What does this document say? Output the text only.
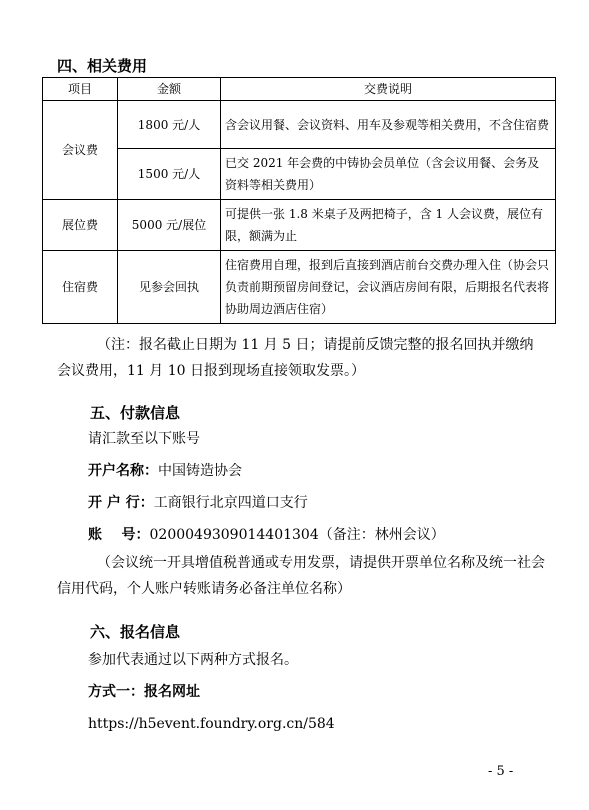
四、相关费用
项目	金额	交费说明
会议费	1800 元/人	含会议用餐、会议资料、用车及参观等相关费用，不含住宿费
	1500 元/人	已交 2021 年会费的中铸协会员单位（含会议用餐、会务及资料等相关费用）
展位费	5000 元/展位	可提供一张 1.8 米桌子及两把椅子，含 1 人会议费，展位有限，额满为止
住宿费	见参会回执	住宿费用自理，报到后直接到酒店前台交费办理入住（协会只负责前期预留房间登记，会议酒店房间有限，后期报名代表将协助周边酒店住宿）
（注：报名截止日期为 11 月 5 日；请提前反馈完整的报名回执并缴纳会议费用，11 月 10 日报到现场直接领取发票。）
五、付款信息
请汇款至以下账号
开户名称：中国铸造协会
开 户 行：工商银行北京四道口支行
账    号：0200049309014401304（备注：林州会议）
（会议统一开具增值税普通或专用发票，请提供开票单位名称及统一社会信用代码，个人账户转账请务必备注单位名称）
六、报名信息
参加代表通过以下两种方式报名。
方式一：报名网址
https://h5event.foundry.org.cn/584
- 5 -
